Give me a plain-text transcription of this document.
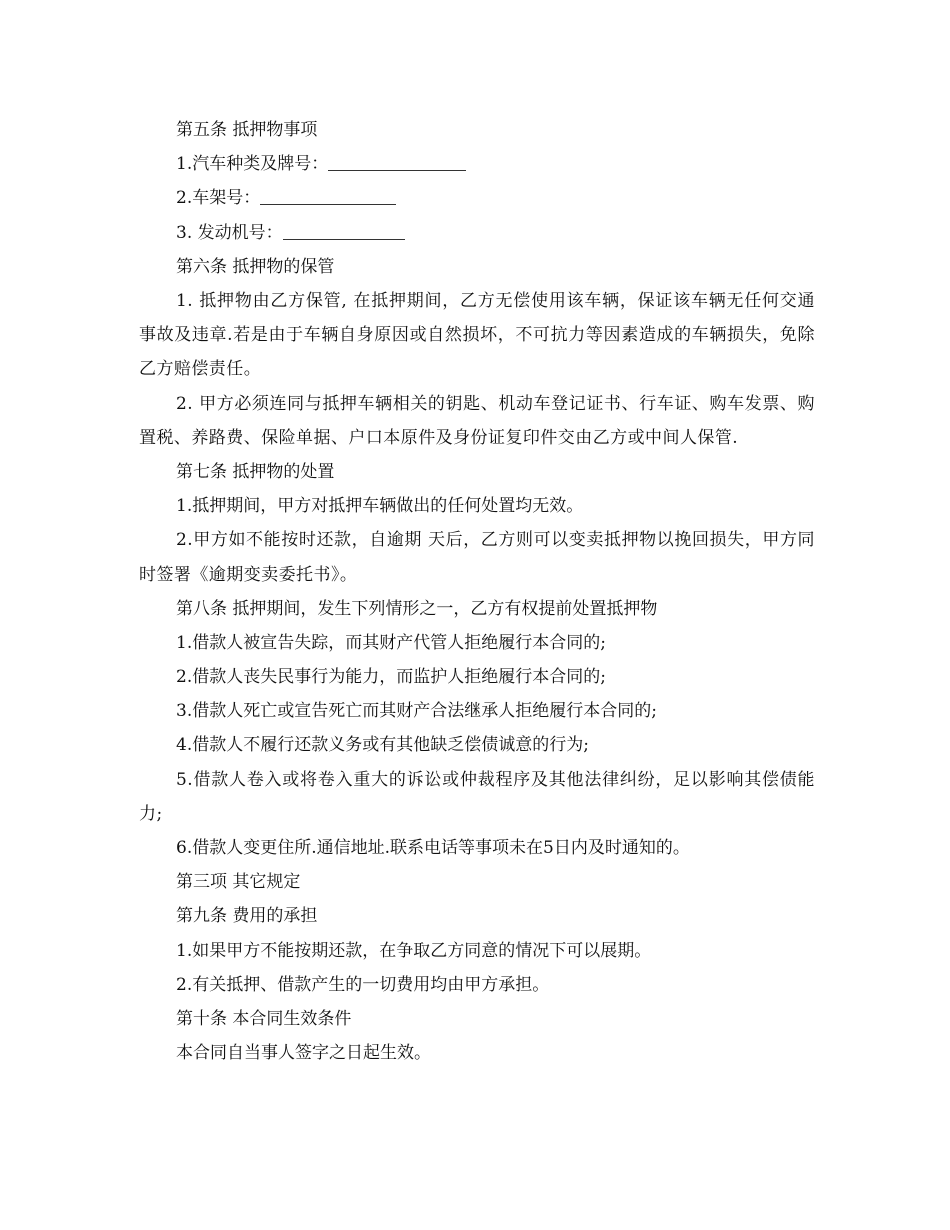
第五条 抵押物事项

1.汽车种类及牌号：

2.车架号：

3. 发动机号：

第六条 抵押物的保管

1. 抵押物由乙方保管, 在抵押期间，乙方无偿使用该车辆，保证该车辆无任何交通事故及违章.若是由于车辆自身原因或自然损坏，不可抗力等因素造成的车辆损失，免除乙方赔偿责任。

2. 甲方必须连同与抵押车辆相关的钥匙、机动车登记证书、行车证、购车发票、购置税、养路费、保险单据、户口本原件及身份证复印件交由乙方或中间人保管.

第七条 抵押物的处置

1.抵押期间，甲方对抵押车辆做出的任何处置均无效。

2.甲方如不能按时还款，自逾期 天后，乙方则可以变卖抵押物以挽回损失，甲方同时签署《逾期变卖委托书》。

第八条 抵押期间，发生下列情形之一，乙方有权提前处置抵押物

1.借款人被宣告失踪，而其财产代管人拒绝履行本合同的;

2.借款人丧失民事行为能力，而监护人拒绝履行本合同的;

3.借款人死亡或宣告死亡而其财产合法继承人拒绝履行本合同的;

4.借款人不履行还款义务或有其他缺乏偿债诚意的行为;

5.借款人卷入或将卷入重大的诉讼或仲裁程序及其他法律纠纷，足以影响其偿债能力;

6.借款人变更住所.通信地址.联系电话等事项未在5日内及时通知的。

第三项 其它规定

第九条 费用的承担

1.如果甲方不能按期还款，在争取乙方同意的情况下可以展期。

2.有关抵押、借款产生的一切费用均由甲方承担。

第十条 本合同生效条件

本合同自当事人签字之日起生效。
